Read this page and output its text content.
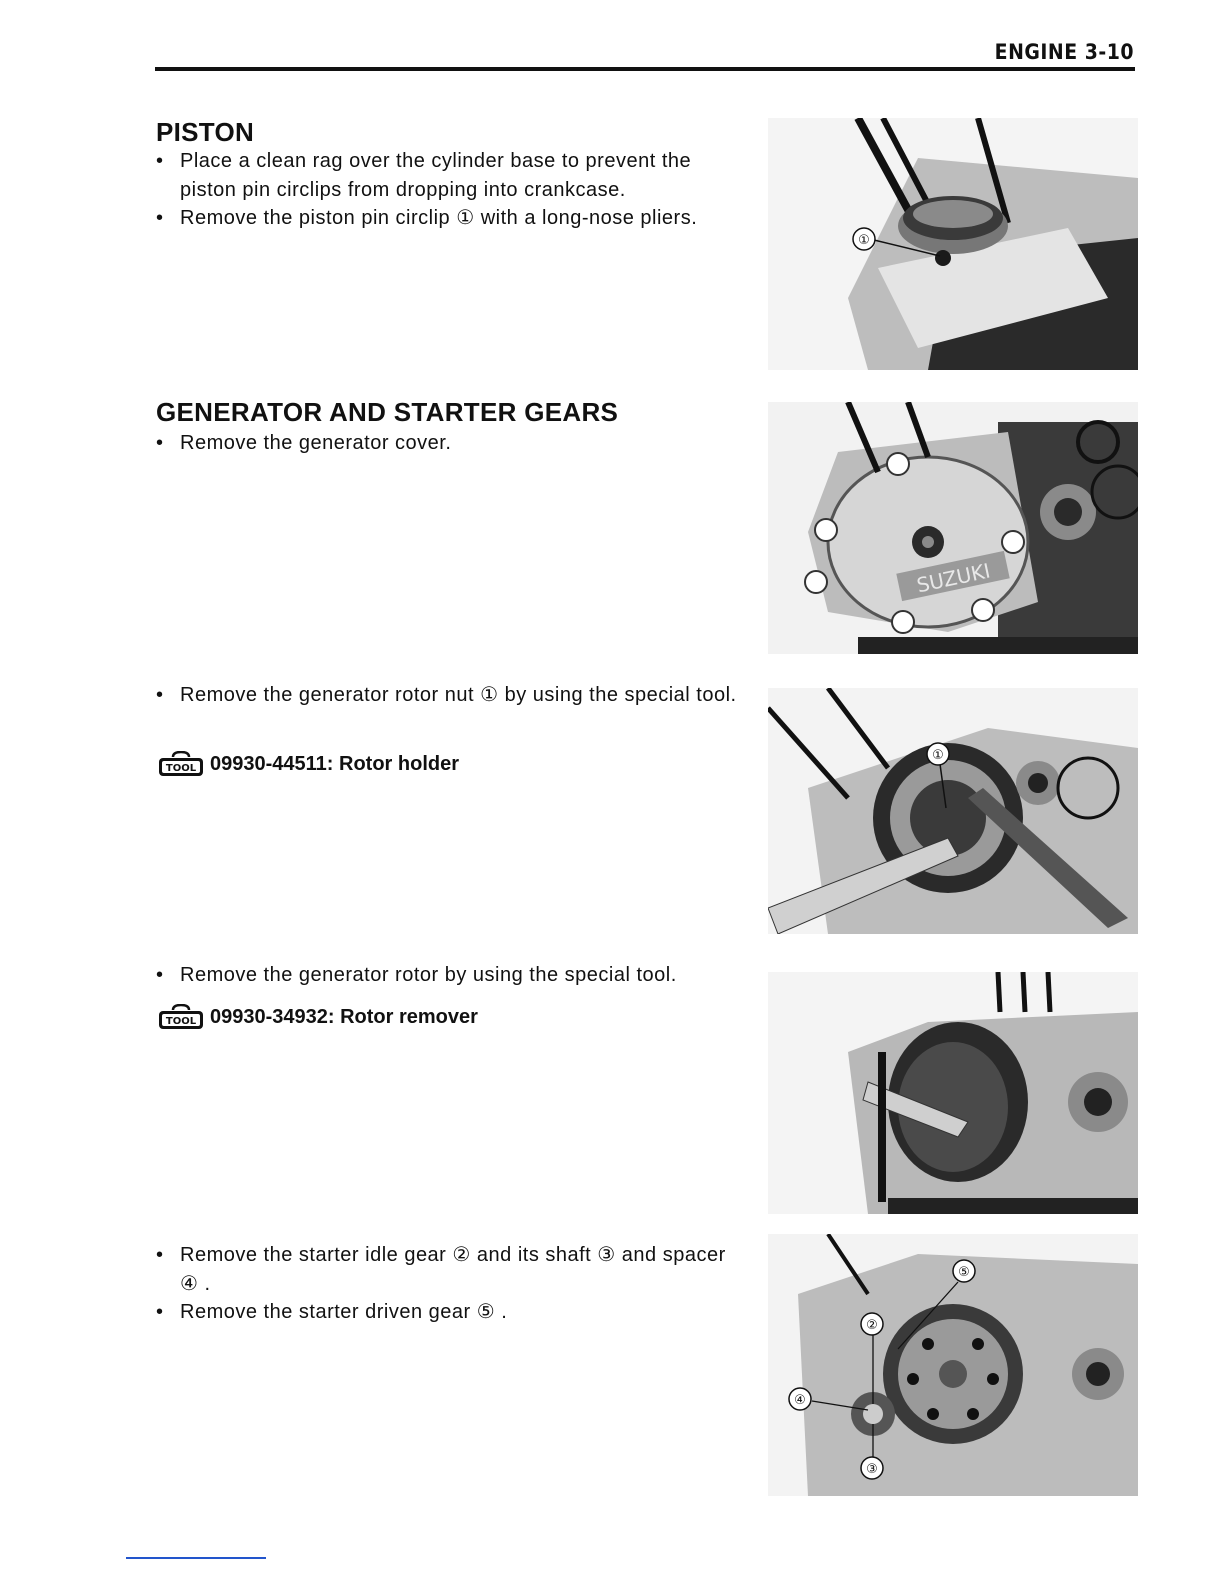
ENGINE 3-10
PISTON
• Place a clean rag over the cylinder base to prevent the piston pin circlips from dropping into crankcase.
• Remove the piston pin circlip ① with a long-nose pliers.
①
GENERATOR AND STARTER GEARS
• Remove the generator cover.
SUZUKI
• Remove the generator rotor nut ① by using the special tool.
TOOL 09930-44511: Rotor holder	①
• Remove the generator rotor by using the special tool.
TOOL 09930-34932: Rotor remover
• Remove the starter idle gear ② and its shaft ③ and spacer ④ .
• Remove the starter driven gear ⑤ .
⑤
②
④
③
